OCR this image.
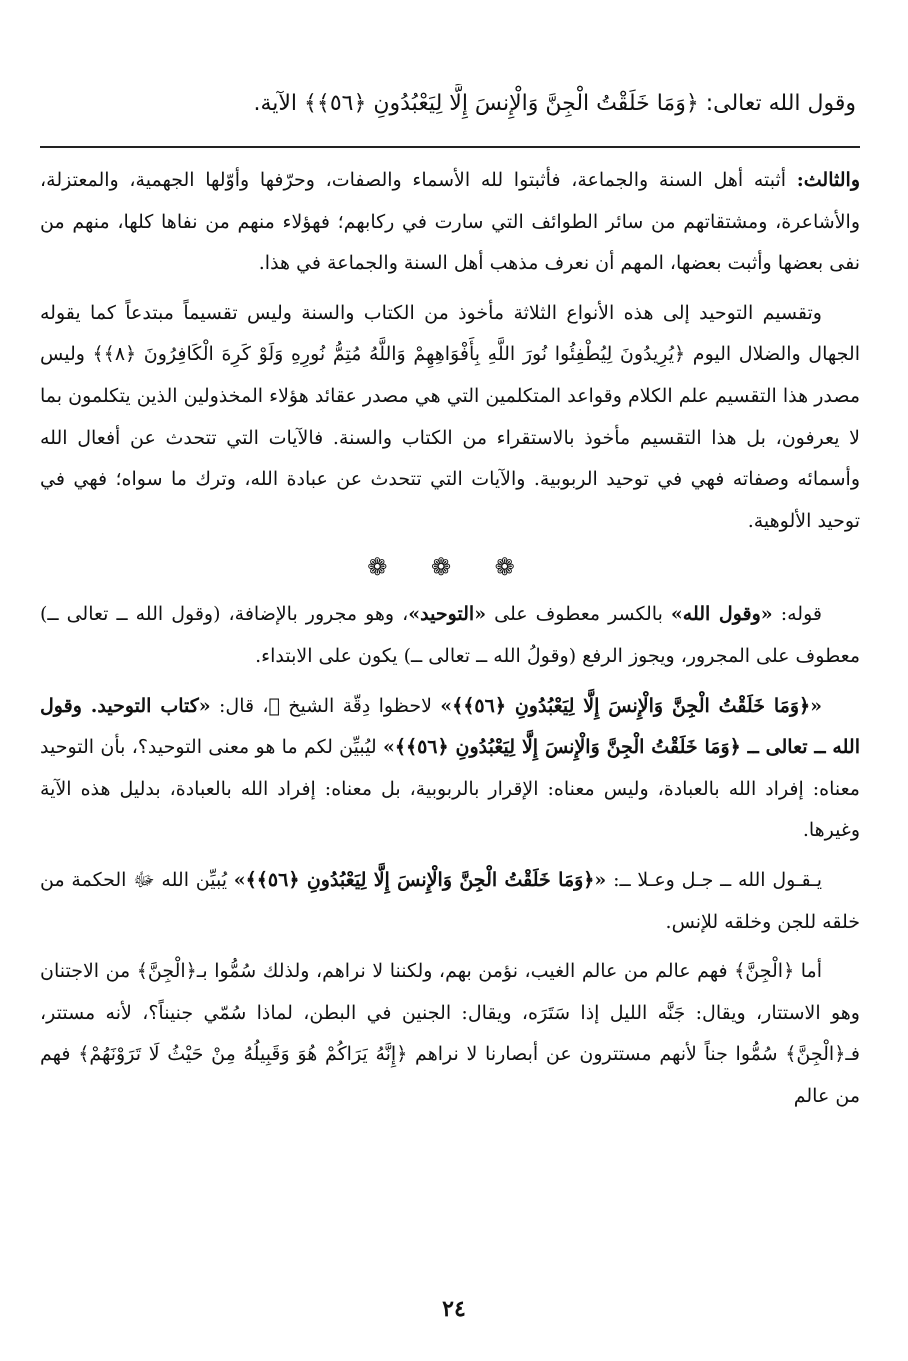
وقول الله تعالى: ﴿وَمَا خَلَقْتُ الْجِنَّ وَالْإِنسَ إِلَّا لِيَعْبُدُونِ ﴿٥٦﴾﴾ الآية.

والثالث: أثبته أهل السنة والجماعة، فأثبتوا لله الأسماء والصفات، وحرّفها وأوّلها الجهمية، والمعتزلة، والأشاعرة، ومشتقاتهم من سائر الطوائف التي سارت في ركابهم؛ فهؤلاء منهم من نفاها كلها، منهم من نفى بعضها وأثبت بعضها، المهم أن نعرف مذهب أهل السنة والجماعة في هذا.

وتقسيم التوحيد إلى هذه الأنواع الثلاثة مأخوذ من الكتاب والسنة وليس تقسيماً مبتدعاً كما يقوله الجهال والضلال اليوم ﴿يُرِيدُونَ لِيُطْفِئُوا نُورَ اللَّهِ بِأَفْوَاهِهِمْ وَاللَّهُ مُتِمُّ نُورِهِ وَلَوْ كَرِهَ الْكَافِرُونَ ﴿٨﴾﴾ وليس مصدر هذا التقسيم علم الكلام وقواعد المتكلمين التي هي مصدر عقائد هؤلاء المخذولين الذين يتكلمون بما لا يعرفون، بل هذا التقسيم مأخوذ بالاستقراء من الكتاب والسنة. فالآيات التي تتحدث عن أفعال الله وأسمائه وصفاته فهي في توحيد الربوبية. والآيات التي تتحدث عن عبادة الله، وترك ما سواه؛ فهي في توحيد الألوهية.

❁ ❁ ❁

قوله: «وقول الله» بالكسر معطوف على «التوحيد»، وهو مجرور بالإضافة، (وقول الله ــ تعالى ــ) معطوف على المجرور، ويجوز الرفع (وقولُ الله ــ تعالى ــ) يكون على الابتداء.

«﴿وَمَا خَلَقْتُ الْجِنَّ وَالْإِنسَ إِلَّا لِيَعْبُدُونِ ﴿٥٦﴾﴾» لاحظوا دِقّة الشيخ ﷫، قال: «كتاب التوحيد. وقول الله ــ تعالى ــ ﴿وَمَا خَلَقْتُ الْجِنَّ وَالْإِنسَ إِلَّا لِيَعْبُدُونِ ﴿٥٦﴾﴾» ليُبيِّن لكم ما هو معنى التوحيد؟، بأن التوحيد معناه: إفراد الله بالعبادة، وليس معناه: الإقرار بالربوبية، بل معناه: إفراد الله بالعبادة، بدليل هذه الآية وغيرها.

يـقـول الله ــ جـل وعـلا ــ: «﴿وَمَا خَلَقْتُ الْجِنَّ وَالْإِنسَ إِلَّا لِيَعْبُدُونِ ﴿٥٦﴾﴾» يُبيِّن الله ﷻ الحكمة من خلقه للجن وخلقه للإنس.

أما ﴿الْجِنَّ﴾ فهم عالم من عالم الغيب، نؤمن بهم، ولكننا لا نراهم، ولذلك سُمُّوا بـ﴿الْجِنَّ﴾ من الاجتنان وهو الاستتار، ويقال: جَنَّه الليل إذا سَتَرَه، ويقال: الجنين في البطن، لماذا سُمّي جنيناً؟، لأنه مستتر، فـ﴿الْجِنَّ﴾ سُمُّوا جناً لأنهم مستترون عن أبصارنا لا نراهم ﴿إِنَّهُ يَرَاكُمْ هُوَ وَقَبِيلُهُ مِنْ حَيْثُ لَا تَرَوْنَهُمْ﴾ فهم من عالم

٢٤
